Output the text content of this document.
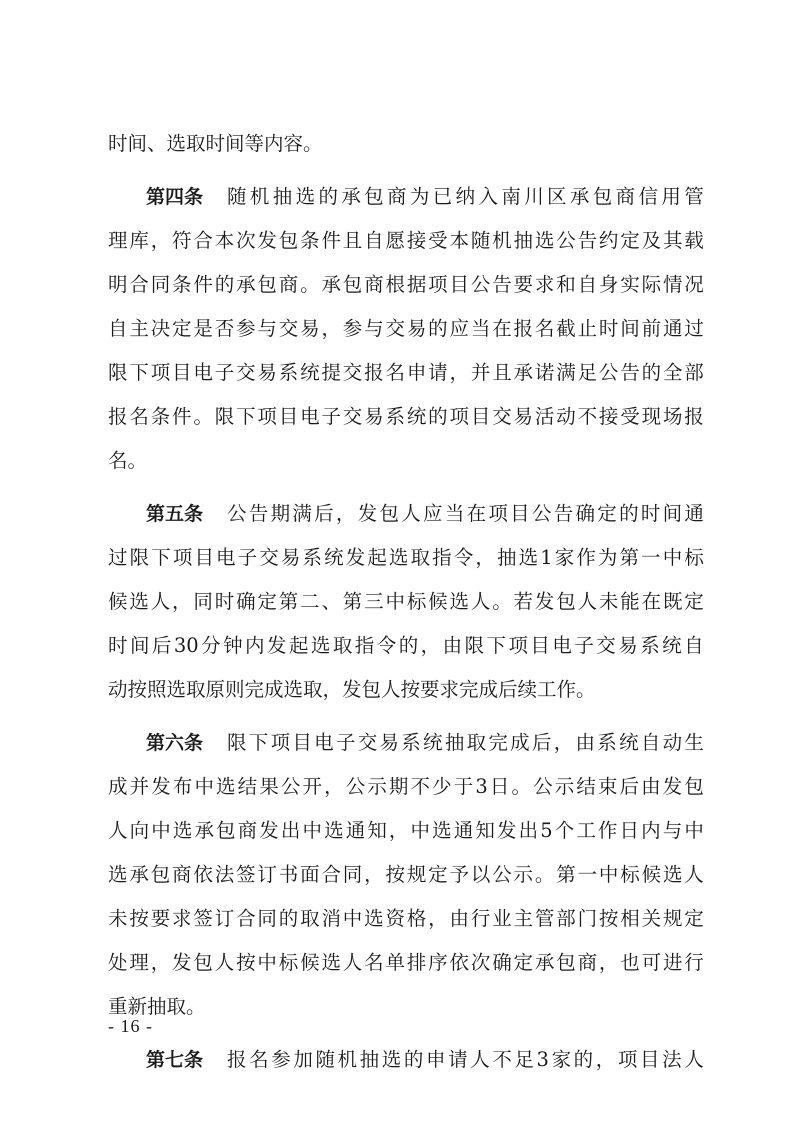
时间、选取时间等内容。
第四条 随 机 抽 选 的 承 包 商 为 已 纳 入 南 川 区 承 包 商 信 用 管
理 库 ， 符 合 本 次 发 包 条 件 且 自 愿 接 受 本 随 机 抽 选 公 告 约 定 及 其 载
明 合 同 条 件 的 承 包 商 。 承 包 商 根 据 项 目 公 告 要 求 和 自 身 实 际 情 况
自 主 决 定 是 否 参 与 交 易 ， 参 与 交 易 的 应 当 在 报 名 截 止 时 间 前 通 过
限 下 项 目 电 子 交 易 系 统 提 交 报 名 申 请 ， 并 且 承 诺 满 足 公 告 的 全 部
报 名 条 件 。 限 下 项 目 电 子 交 易 系 统 的 项 目 交 易 活 动 不 接 受 现 场 报
名。
第五条 公 告 期 满 后 ， 发 包 人 应 当 在 项 目 公 告 确 定 的 时 间 通
过 限 下 项 目 电 子 交 易 系 统 发 起 选 取 指 令 ， 抽 选 1 家 作 为 第 一 中 标
候 选 人 ， 同 时 确 定 第 二 、 第 三 中 标 候 选 人 。 若 发 包 人 未 能 在 既 定
时 间 后 30 分 钟 内 发 起 选 取 指 令 的 ， 由 限 下 项 目 电 子 交 易 系 统 自
动按照选取原则完成选取，发包人按要求完成后续工作。
第六条 限 下 项 目 电 子 交 易 系 统 抽 取 完 成 后 ， 由 系 统 自 动 生
成 并 发 布 中 选 结 果 公 开 ， 公 示 期 不 少 于 3 日 。 公 示 结 束 后 由 发 包
人 向 中 选 承 包 商 发 出 中 选 通 知 ， 中 选 通 知 发 出 5 个 工 作 日 内 与 中
选 承 包 商 依 法 签 订 书 面 合 同 ， 按 规 定 予 以 公 示 。 第 一 中 标 候 选 人
未 按 要 求 签 订 合 同 的 取 消 中 选 资 格 ， 由 行 业 主 管 部 门 按 相 关 规 定
处 理 ， 发 包 人 按 中 标 候 选 人 名 单 排 序 依 次 确 定 承 包 商 ， 也 可 进 行
重新抽取。
第七条 报 名 参 加 随 机 抽 选 的 申 请 人 不 足 3 家 的 ， 项 目 法 人
- 16 -
